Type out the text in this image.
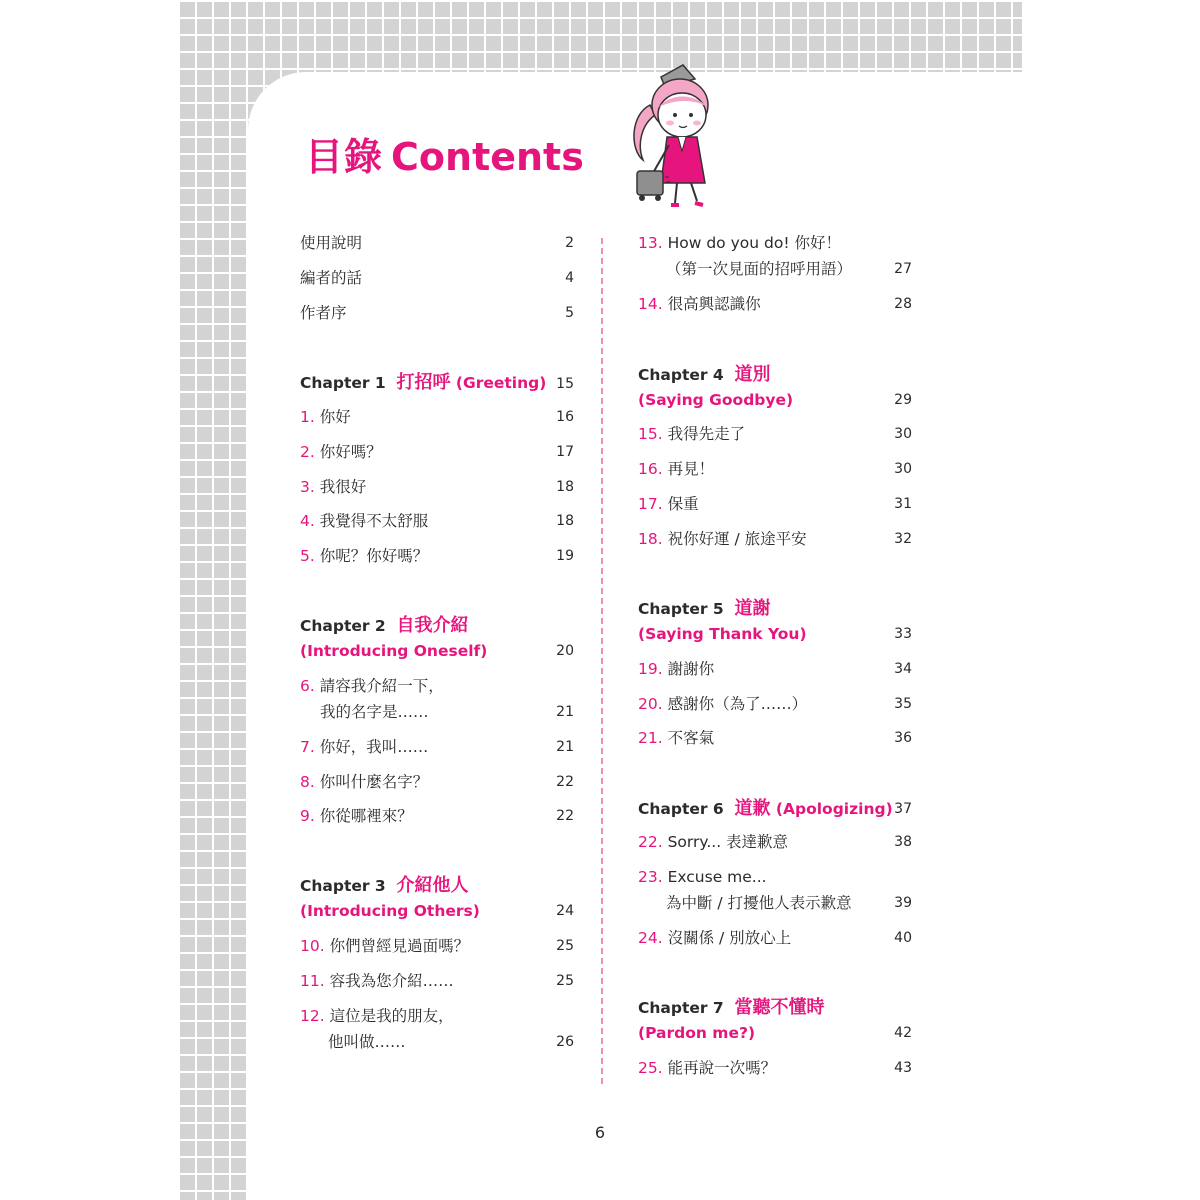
目錄 Contents
使用說明	2
編者的話	4
作者序	5
Chapter 1 打招呼 (Greeting) 15
1. 你好	16
2. 你好嗎？	17
3. 我很好	18
4. 我覺得不太舒服	18
5. 你呢？你好嗎？	19
Chapter 2 自我介紹
(Introducing Oneself)	20
6. 請容我介紹一下，
我的名字是……	21
7. 你好，我叫……	21
8. 你叫什麼名字？	22
9. 你從哪裡來？	22
Chapter 3 介紹他人
(Introducing Others)	24
10. 你們曾經見過面嗎？	25
11. 容我為您介紹……	25
12. 這位是我的朋友，
他叫做……	26
13. How do you do! 你好！
（第一次見面的招呼用語）	27
14. 很高興認識你	28
Chapter 4 道別
(Saying Goodbye)	29
15. 我得先走了	30
16. 再見！	30
17. 保重	31
18. 祝你好運 / 旅途平安	32
Chapter 5 道謝
(Saying Thank You)	33
19. 謝謝你	34
20. 感謝你（為了……）	35
21. 不客氣	36
Chapter 6 道歉 (Apologizing) 37
22. Sorry... 表達歉意	38
23. Excuse me...
為中斷 / 打擾他人表示歉意	39
24. 沒關係 / 別放心上	40
Chapter 7 當聽不懂時
(Pardon me?)	42
25. 能再說一次嗎？	43
6
